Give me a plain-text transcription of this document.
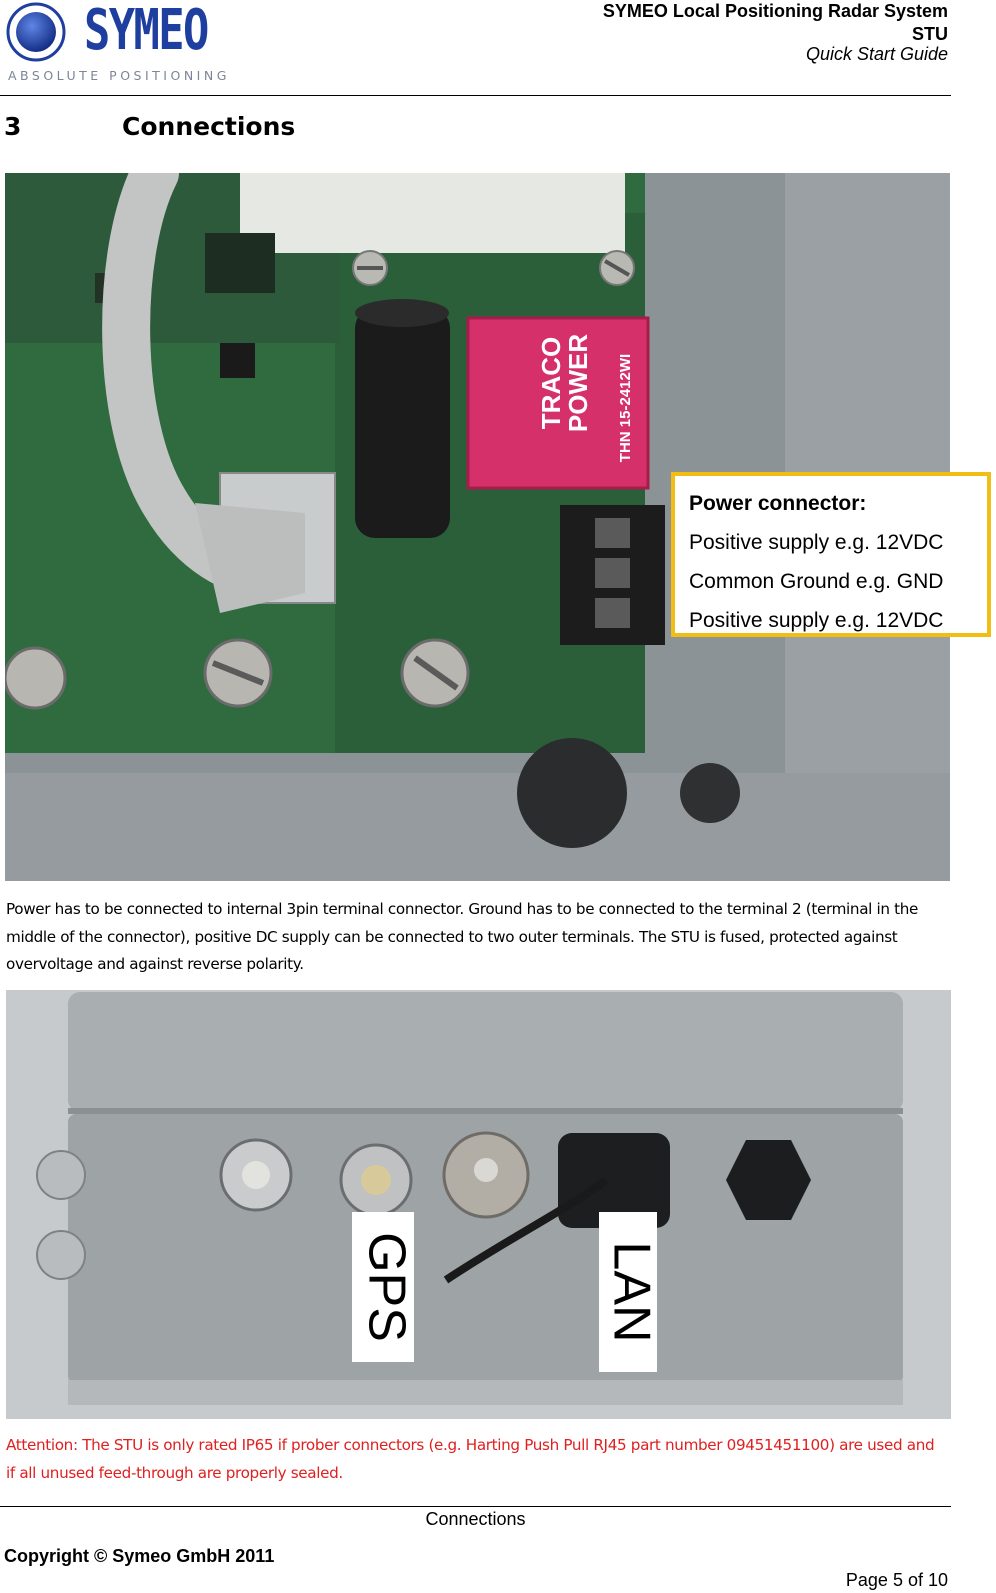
SYMEO
ABSOLUTE POSITIONING
SYMEO Local Positioning Radar System
STU
Quick Start Guide
3	Connections
TRACO
POWER THN 15-2412WI
Power connector:
Positive supply e.g. 12VDC
Common Ground e.g. GND
Positive supply e.g. 12VDC
Power has to be connected to internal 3pin terminal connector. Ground has to be connected to the terminal 2 (terminal in the middle of the connector), positive DC supply can be connected to two outer terminals. The STU is fused, protected against overvoltage and against reverse polarity.
GPS	LAN
Attention: The STU is only rated IP65 if prober connectors (e.g. Harting Push Pull RJ45 part number 09451451100) are used and if all unused feed-through are properly sealed.
Connections
Copyright © Symeo GmbH 2011
Page 5 of 10
